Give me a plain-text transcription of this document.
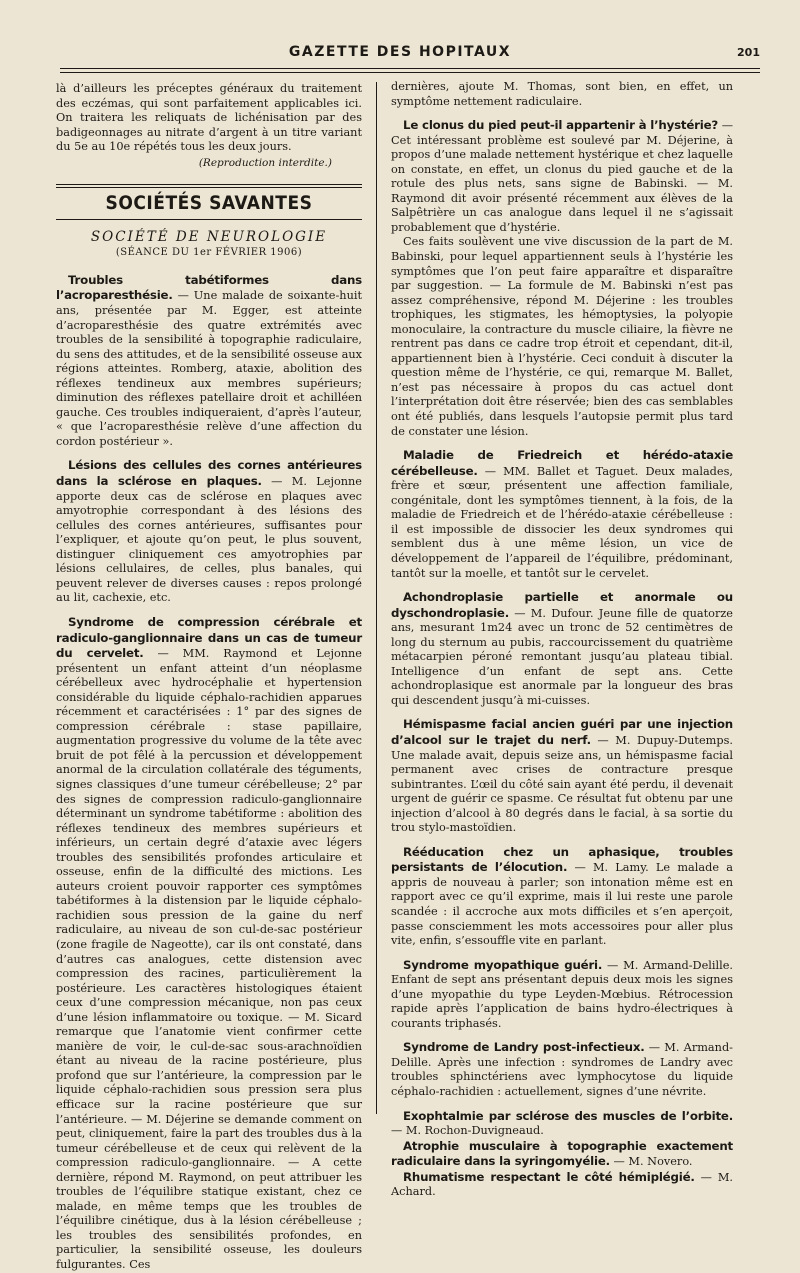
GAZETTE DES HOPITAUX	201

là d’ailleurs les préceptes généraux du traitement des eczémas, qui sont parfaitement applicables ici. On traitera les reliquats de lichénisation par des badigeonnages au nitrate d’argent à un titre variant du 5e au 10e répétés tous les deux jours.

(Reproduction interdite.)
SOCIÉTÉS SAVANTES
SOCIÉTÉ DE NEUROLOGIE
(SÉANCE DU 1er FÉVRIER 1906)

Troubles tabétiformes dans l’acroparesthésie. — Une malade de soixante-huit ans, présentée par M. Egger, est atteinte d’acroparesthésie des quatre extrémités avec troubles de la sensibilité à topographie radiculaire, du sens des attitudes, et de la sensibilité osseuse aux régions atteintes. Romberg, ataxie, abolition des réflexes tendineux aux membres supérieurs; diminution des réflexes patellaire droit et achilléen gauche. Ces troubles indiqueraient, d’après l’auteur, « que l’acroparesthésie relève d’une affection du cordon postérieur ».

Lésions des cellules des cornes antérieures dans la sclérose en plaques. — M. Lejonne apporte deux cas de sclérose en plaques avec amyotrophie correspondant à des lésions des cellules des cornes antérieures, suffisantes pour l’expliquer, et ajoute qu’on peut, le plus souvent, distinguer cliniquement ces amyotrophies par lésions cellulaires, de celles, plus banales, qui peuvent relever de diverses causes : repos prolongé au lit, cachexie, etc.

Syndrome de compression cérébrale et radiculo-ganglionnaire dans un cas de tumeur du cervelet. — MM. Raymond et Lejonne présentent un enfant atteint d’un néoplasme cérébelleux avec hydrocéphalie et hypertension considérable du liquide céphalo-rachidien apparues récemment et caractérisées : 1° par des signes de compression cérébrale : stase papillaire, augmentation progressive du volume de la tête avec bruit de pot fêlé à la percussion et développement anormal de la circulation collatérale des téguments, signes classiques d’une tumeur cérébelleuse; 2° par des signes de compression radiculo-ganglionnaire déterminant un syndrome tabétiforme : abolition des réflexes tendineux des membres supérieurs et inférieurs, un certain degré d’ataxie avec légers troubles des sensibilités profondes articulaire et osseuse, enfin de la difficulté des mictions. Les auteurs croient pouvoir rapporter ces symptômes tabétiformes à la distension par le liquide céphalo-rachidien sous pression de la gaine du nerf radiculaire, au niveau de son cul-de-sac postérieur (zone fragile de Nageotte), car ils ont constaté, dans d’autres cas analogues, cette distension avec compression des racines, particulièrement la postérieure. Les caractères histologiques étaient ceux d’une compression mécanique, non pas ceux d’une lésion inflammatoire ou toxique. — M. Sicard remarque que l’anatomie vient confirmer cette manière de voir, le cul-de-sac sous-arachnoïdien étant au niveau de la racine postérieure, plus profond que sur l’antérieure, la compression par le liquide céphalo-rachidien sous pression sera plus efficace sur la racine postérieure que sur l’antérieure. — M. Déjerine se demande comment on peut, cliniquement, faire la part des troubles dus à la tumeur cérébelleuse et de ceux qui relèvent de la compression radiculo-ganglionnaire. — A cette dernière, répond M. Raymond, on peut attribuer les troubles de l’équilibre statique existant, chez ce malade, en même temps que les troubles de l’équilibre cinétique, dus à la lésion cérébelleuse ; les troubles des sensibilités profondes, en particulier, la sensibilité osseuse, les douleurs fulgurantes. Ces

dernières, ajoute M. Thomas, sont bien, en effet, un symptôme nettement radiculaire.

Le clonus du pied peut-il appartenir à l’hystérie? — Cet intéressant problème est soulevé par M. Déjerine, à propos d’une malade nettement hystérique et chez laquelle on constate, en effet, un clonus du pied gauche et de la rotule des plus nets, sans signe de Babinski. — M. Raymond dit avoir présenté récemment aux élèves de la Salpêtrière un cas analogue dans lequel il ne s’agissait probablement que d’hystérie.

Ces faits soulèvent une vive discussion de la part de M. Babinski, pour lequel appartiennent seuls à l’hystérie les symptômes que l’on peut faire apparaître et disparaître par suggestion. — La formule de M. Babinski n’est pas assez compréhensive, répond M. Déjerine : les troubles trophiques, les stigmates, les hémoptysies, la polyopie monoculaire, la contracture du muscle ciliaire, la fièvre ne rentrent pas dans ce cadre trop étroit et cependant, dit-il, appartiennent bien à l’hystérie. Ceci conduit à discuter la question même de l’hystérie, ce qui, remarque M. Ballet, n’est pas nécessaire à propos du cas actuel dont l’interprétation doit être réservée; bien des cas semblables ont été publiés, dans lesquels l’autopsie permit plus tard de constater une lésion.

Maladie de Friedreich et hérédo-ataxie cérébelleuse. — MM. Ballet et Taguet. Deux malades, frère et sœur, présentent une affection familiale, congénitale, dont les symptômes tiennent, à la fois, de la maladie de Friedreich et de l’hérédo-ataxie cérébelleuse : il est impossible de dissocier les deux syndromes qui semblent dus à une même lésion, un vice de développement de l’appareil de l’équilibre, prédominant, tantôt sur la moelle, et tantôt sur le cervelet.

Achondroplasie partielle et anormale ou dyschondroplasie. — M. Dufour. Jeune fille de quatorze ans, mesurant 1m24 avec un tronc de 52 centimètres de long du sternum au pubis, raccourcissement du quatrième métacarpien péroné remontant jusqu’au plateau tibial. Intelligence d’un enfant de sept ans. Cette achondroplasique est anormale par la longueur des bras qui descendent jusqu’à mi-cuisses.

Hémispasme facial ancien guéri par une injection d’alcool sur le trajet du nerf. — M. Dupuy-Dutemps. Une malade avait, depuis seize ans, un hémispasme facial permanent avec crises de contracture presque subintrantes. L’œil du côté sain ayant été perdu, il devenait urgent de guérir ce spasme. Ce résultat fut obtenu par une injection d’alcool à 80 degrés dans le facial, à sa sortie du trou stylo-mastoïdien.

Rééducation chez un aphasique, troubles persistants de l’élocution. — M. Lamy. Le malade a appris de nouveau à parler; son intonation même est en rapport avec ce qu’il exprime, mais il lui reste une parole scandée : il accroche aux mots difficiles et s’en aperçoit, passe consciemment les mots accessoires pour aller plus vite, enfin, s’essouffle vite en parlant.

Syndrome myopathique guéri. — M. Armand-Delille. Enfant de sept ans présentant depuis deux mois les signes d’une myopathie du type Leyden-Mœbius. Rétrocession rapide après l’application de bains hydro-électriques à courants triphasés.

Syndrome de Landry post-infectieux. — M. Armand-Delille. Après une infection : syndromes de Landry avec troubles sphinctériens avec lymphocytose du liquide céphalo-rachidien : actuellement, signes d’une névrite.

Exophtalmie par sclérose des muscles de l’orbite. — M. Rochon-Duvigneaud.

Atrophie musculaire à topographie exactement radiculaire dans la syringomyélie. — M. Novero.

Rhumatisme respectant le côté hémiplégié. — M. Achard.
